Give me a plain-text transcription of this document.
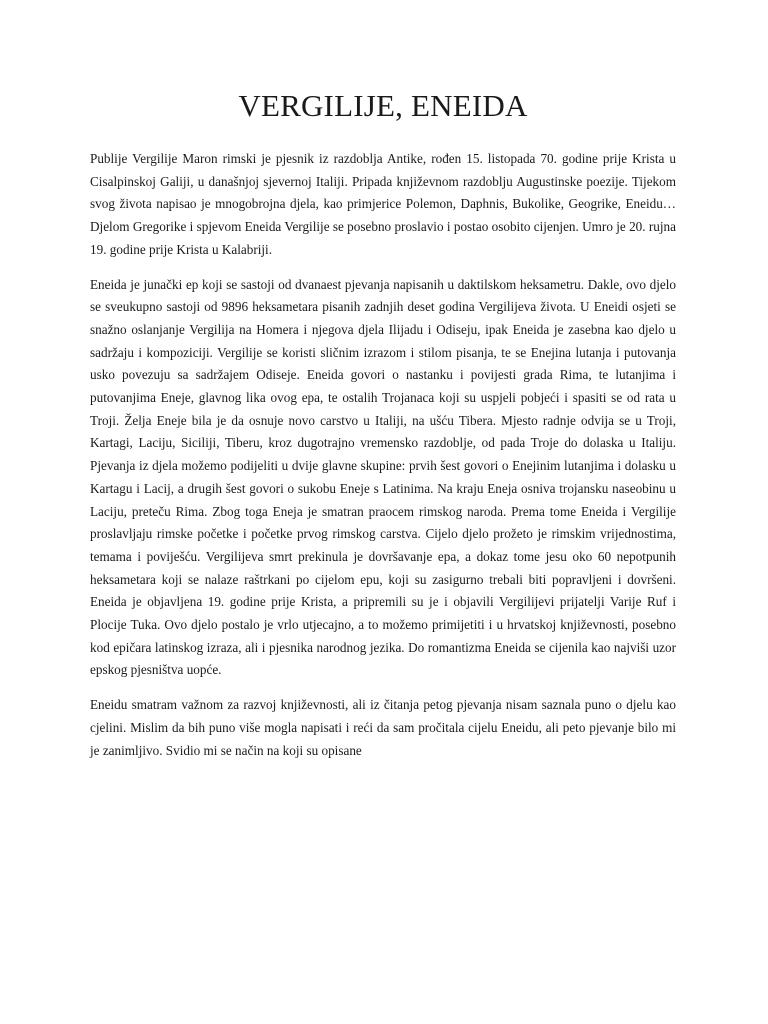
VERGILIJE, ENEIDA

Publije Vergilije Maron rimski je pjesnik iz razdoblja Antike, rođen 15. listopada 70. godine prije Krista u Cisalpinskoj Galiji, u današnjoj sjevernoj Italiji. Pripada književnom razdoblju Augustinske poezije. Tijekom svog života napisao je mnogobrojna djela, kao primjerice Polemon, Daphnis, Bukolike, Geogrike, Eneidu… Djelom Gregorike i spjevom Eneida Vergilije se posebno proslavio i postao osobito cijenjen. Umro je 20. rujna 19. godine prije Krista u Kalabriji.

Eneida je junački ep koji se sastoji od dvanaest pjevanja napisanih u daktilskom heksametru. Dakle, ovo djelo se sveukupno sastoji od 9896 heksametara pisanih zadnjih deset godina Vergilijeva života. U Eneidi osjeti se snažno oslanjanje Vergilija na Homera i njegova djela Ilijadu i Odiseju, ipak Eneida je zasebna kao djelo u sadržaju i kompoziciji. Vergilije se koristi sličnim izrazom i stilom pisanja, te se Enejina lutanja i putovanja usko povezuju sa sadržajem Odiseje. Eneida govori o nastanku i povijesti grada Rima, te lutanjima i putovanjima Eneje, glavnog lika ovog epa, te ostalih Trojanaca koji su uspjeli pobjeći i spasiti se od rata u Troji. Želja Eneje bila je da osnuje novo carstvo u Italiji, na ušću Tibera. Mjesto radnje odvija se u Troji, Kartagi, Laciju, Siciliji, Tiberu, kroz dugotrajno vremensko razdoblje, od pada Troje do dolaska u Italiju. Pjevanja iz djela možemo podijeliti u dvije glavne skupine: prvih šest govori o Enejinim lutanjima i dolasku u Kartagu i Lacij, a drugih šest govori o sukobu Eneje s Latinima. Na kraju Eneja osniva trojansku naseobinu u Laciju, preteču Rima. Zbog toga Eneja je smatran praocem rimskog naroda. Prema tome Eneida i Vergilije proslavljaju rimske početke i početke prvog rimskog carstva. Cijelo djelo prožeto je rimskim vrijednostima, temama i poviješću. Vergilijeva smrt prekinula je dovršavanje epa, a dokaz tome jesu oko 60 nepotpunih heksametara koji se nalaze raštrkani po cijelom epu, koji su zasigurno trebali biti popravljeni i dovršeni. Eneida je objavljena 19. godine prije Krista, a pripremili su je i objavili Vergilijevi prijatelji Varije Ruf i Plocije Tuka. Ovo djelo postalo je vrlo utjecajno, a to možemo primijetiti i u hrvatskoj književnosti, posebno kod epičara latinskog izraza, ali i pjesnika narodnog jezika. Do romantizma Eneida se cijenila kao najviši uzor epskog pjesništva uopće.

Eneidu smatram važnom za razvoj književnosti, ali iz čitanja petog pjevanja nisam saznala puno o djelu kao cjelini. Mislim da bih puno više mogla napisati i reći da sam pročitala cijelu Eneidu, ali peto pjevanje bilo mi je zanimljivo. Svidio mi se način na koji su opisane
